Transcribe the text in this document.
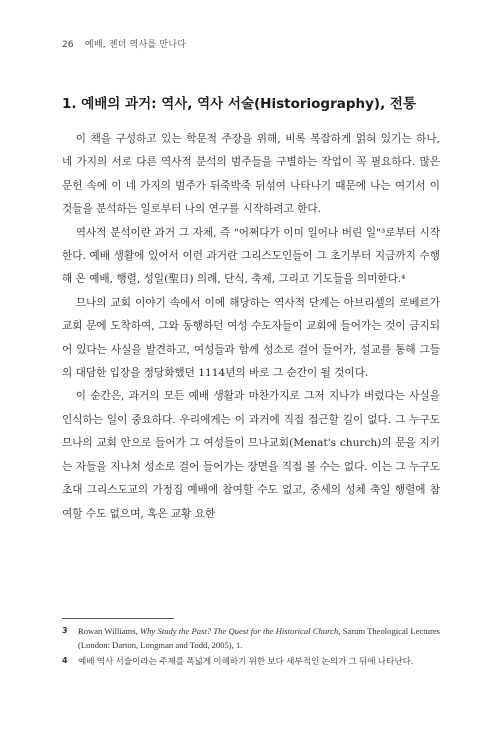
26 예배, 젠더 역사를 만나다
1. 예배의 과거: 역사, 역사 서술(Historiography), 전통

이 책을 구성하고 있는 학문적 주장을 위해, 비록 복잡하게 얽혀 있기는 하나, 네 가지의 서로 다른 역사적 분석의 범주들을 구별하는 작업이 꼭 필요하다. 많은 문헌 속에 이 네 가지의 범주가 뒤죽박죽 뒤섞여 나타나기 때문에 나는 여기서 이것들을 분석하는 일로부터 나의 연구를 시작하려고 한다.

역사적 분석이란 과거 그 자체, 즉 "어쩌다가 이미 일어나 버린 일"³로부터 시작한다. 예배 생활에 있어서 이런 과거란 그리스도인들이 그 초기부터 지금까지 수행해 온 예배, 행렬, 성일(聖日) 의례, 단식, 축제, 그리고 기도들을 의미한다.⁴

므나의 교회 이야기 속에서 이에 해당하는 역사적 단계는 아브리셀의 로베르가 교회 문에 도착하여, 그와 동행하던 여성 수도자들이 교회에 들어가는 것이 금지되어 있다는 사실을 발견하고, 여성들과 함께 성소로 걸어 들어가, 설교를 통해 그들의 대담한 입장을 정당화했던 1114년의 바로 그 순간이 될 것이다.

이 순간은, 과거의 모든 예배 생활과 마찬가지로 그저 지나가 버렸다는 사실을 인식하는 일이 중요하다. 우리에게는 이 과거에 직접 접근할 길이 없다. 그 누구도 므나의 교회 안으로 들어가 그 여성들이 므나교회(Menat's church)의 문을 지키는 자들을 지나쳐 성소로 걸어 들어가는 장면을 직접 볼 수는 없다. 이는 그 누구도 초대 그리스도교의 가정집 예배에 참여할 수도 없고, 중세의 성체 축일 행렬에 참여할 수도 없으며, 혹은 교황 요한

3	Rowan Williams, Why Study the Past? The Quest for the Historical Church, Sarum Theological Lectures (London: Darton, Longman and Todd, 2005), 1.
4	예배 역사 서술이라는 주제를 폭넓게 이해하기 위한 보다 세부적인 논의가 그 뒤에 나타난다.
